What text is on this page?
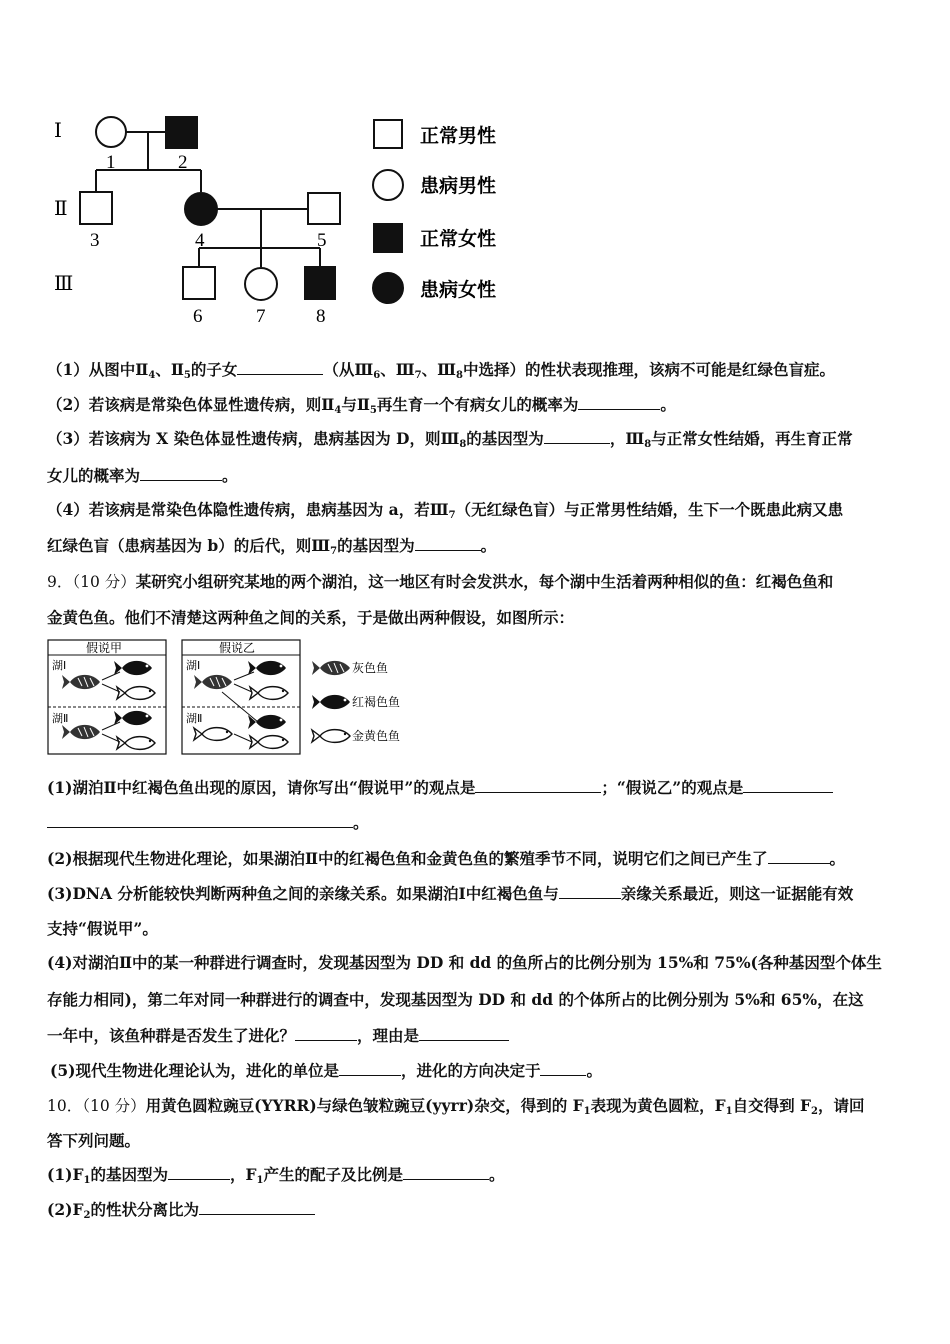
Ⅰ
Ⅱ
Ⅲ
1	2
3	4	5
6	7	8
正常男性
患病男性
正常女性
患病女性
（1）从图中$Ⅱ_4$、$Ⅱ_5$的子女	（从$Ⅲ_6$、$Ⅲ_7$、$Ⅲ_8$中选择）的性状表现推理，该病不可能是红绿色盲症。
（2）若该病是常染色体显性遗传病，则$Ⅱ_4$与$Ⅱ_5$再生育一个有病女儿的概率为	。
（3）若该病为 X 染色体显性遗传病，患病基因为 D，则$Ⅲ_8$的基因型为	，$Ⅲ_8$与正常女性结婚，再生育正常
女儿的概率为	。
（4）若该病是常染色体隐性遗传病，患病基因为 a，若$Ⅲ_7$（无红绿色盲）与正常男性结婚，生下一个既患此病又患
红绿色盲（患病基因为 b）的后代，则$Ⅲ_7$的基因型为	。
9．（10 分）某研究小组研究某地的两个湖泊，这一地区有时会发洪水，每个湖中生活着两种相似的鱼：红褐色鱼和
金黄色鱼。他们不清楚这两种鱼之间的关系，于是做出两种假设，如图所示：
假说甲
湖Ⅰ
湖Ⅱ
假说乙
湖Ⅰ
湖Ⅱ
灰色鱼
红褐色鱼
金黄色鱼
(1)湖泊Ⅱ中红褐色鱼出现的原因，请你写出“假说甲”的观点是	；“假说乙”的观点是
。
(2)根据现代生物进化理论，如果湖泊Ⅱ中的红褐色鱼和金黄色鱼的繁殖季节不同，说明它们之间已产生了	。
(3)DNA 分析能较快判断两种鱼之间的亲缘关系。如果湖泊Ⅰ中红褐色鱼与	亲缘关系最近，则这一证据能有效
支持“假说甲”。
(4)对湖泊Ⅱ中的某一种群进行调查时，发现基因型为 DD 和 dd 的鱼所占的比例分别为 15%和 75%(各种基因型个体生
存能力相同)，第二年对同一种群进行的调查中，发现基因型为 DD 和 dd 的个体所占的比例分别为 5%和 65%，在这
一年中，该鱼种群是否发生了进化？	，理由是
(5)现代生物进化理论认为，进化的单位是	，进化的方向决定于	。
10．（10 分）用黄色圆粒豌豆(YYRR)与绿色皱粒豌豆(yyrr)杂交，得到的 $F_1$表现为黄色圆粒，$F_1$自交得到 $F_2$，请回
答下列问题。
$(1)F_1$的基因型为	，$F_1$产生的配子及比例是	。
$(2)F_2$的性状分离比为
